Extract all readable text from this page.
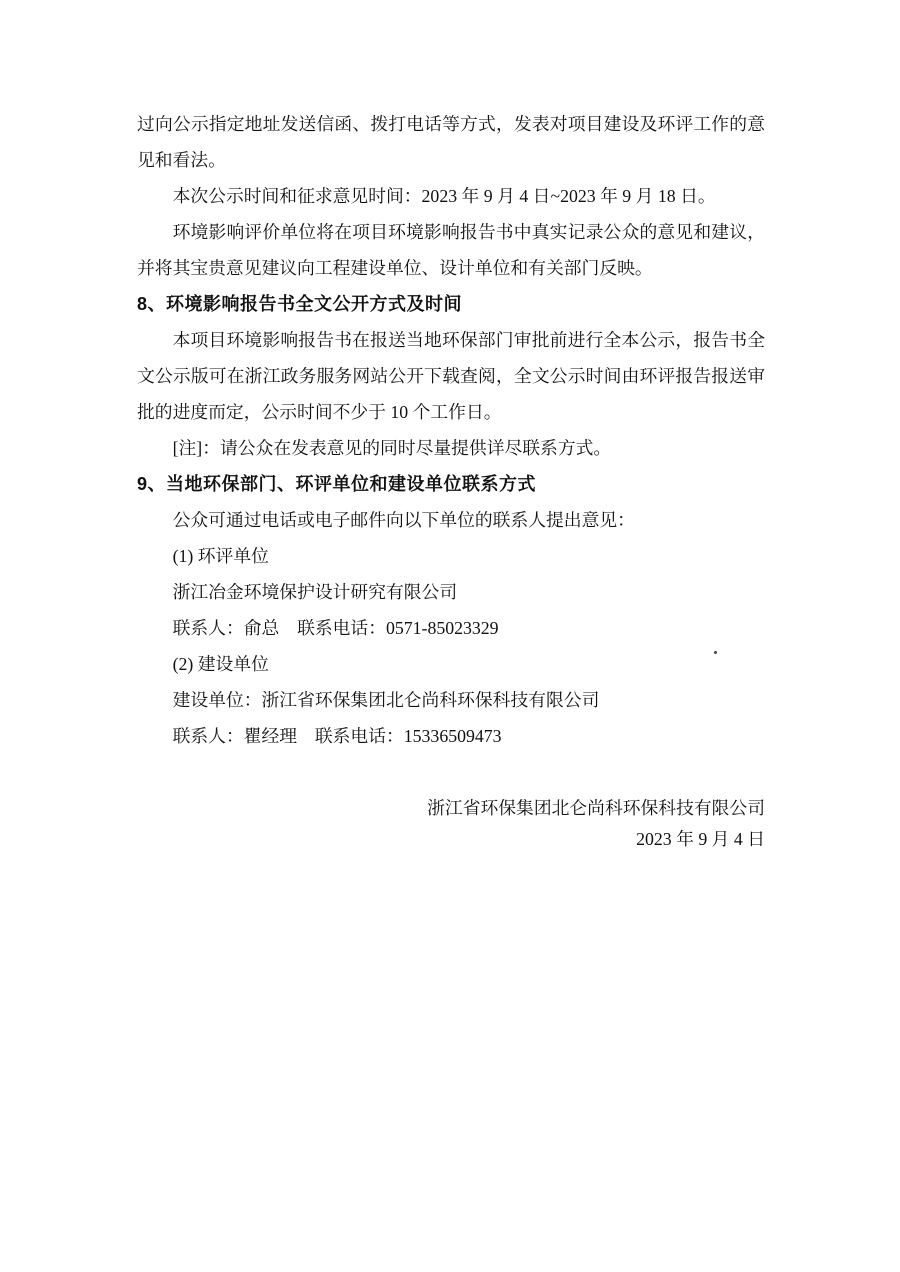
过向公示指定地址发送信函、拨打电话等方式，发表对项目建设及环评工作的意见和看法。

本次公示时间和征求意见时间：2023 年 9 月 4 日~2023 年 9 月 18 日。

环境影响评价单位将在项目环境影响报告书中真实记录公众的意见和建议，并将其宝贵意见建议向工程建设单位、设计单位和有关部门反映。

8、环境影响报告书全文公开方式及时间

本项目环境影响报告书在报送当地环保部门审批前进行全本公示，报告书全文公示版可在浙江政务服务网站公开下载查阅，全文公示时间由环评报告报送审批的进度而定，公示时间不少于 10 个工作日。

[注]：请公众在发表意见的同时尽量提供详尽联系方式。

9、当地环保部门、环评单位和建设单位联系方式

公众可通过电话或电子邮件向以下单位的联系人提出意见：

(1) 环评单位

浙江冶金环境保护设计研究有限公司

联系人：俞总　联系电话：0571-85023329

(2) 建设单位

建设单位：浙江省环保集团北仑尚科环保科技有限公司

联系人：瞿经理　联系电话：15336509473

浙江省环保集团北仑尚科环保科技有限公司

2023 年 9 月 4 日
